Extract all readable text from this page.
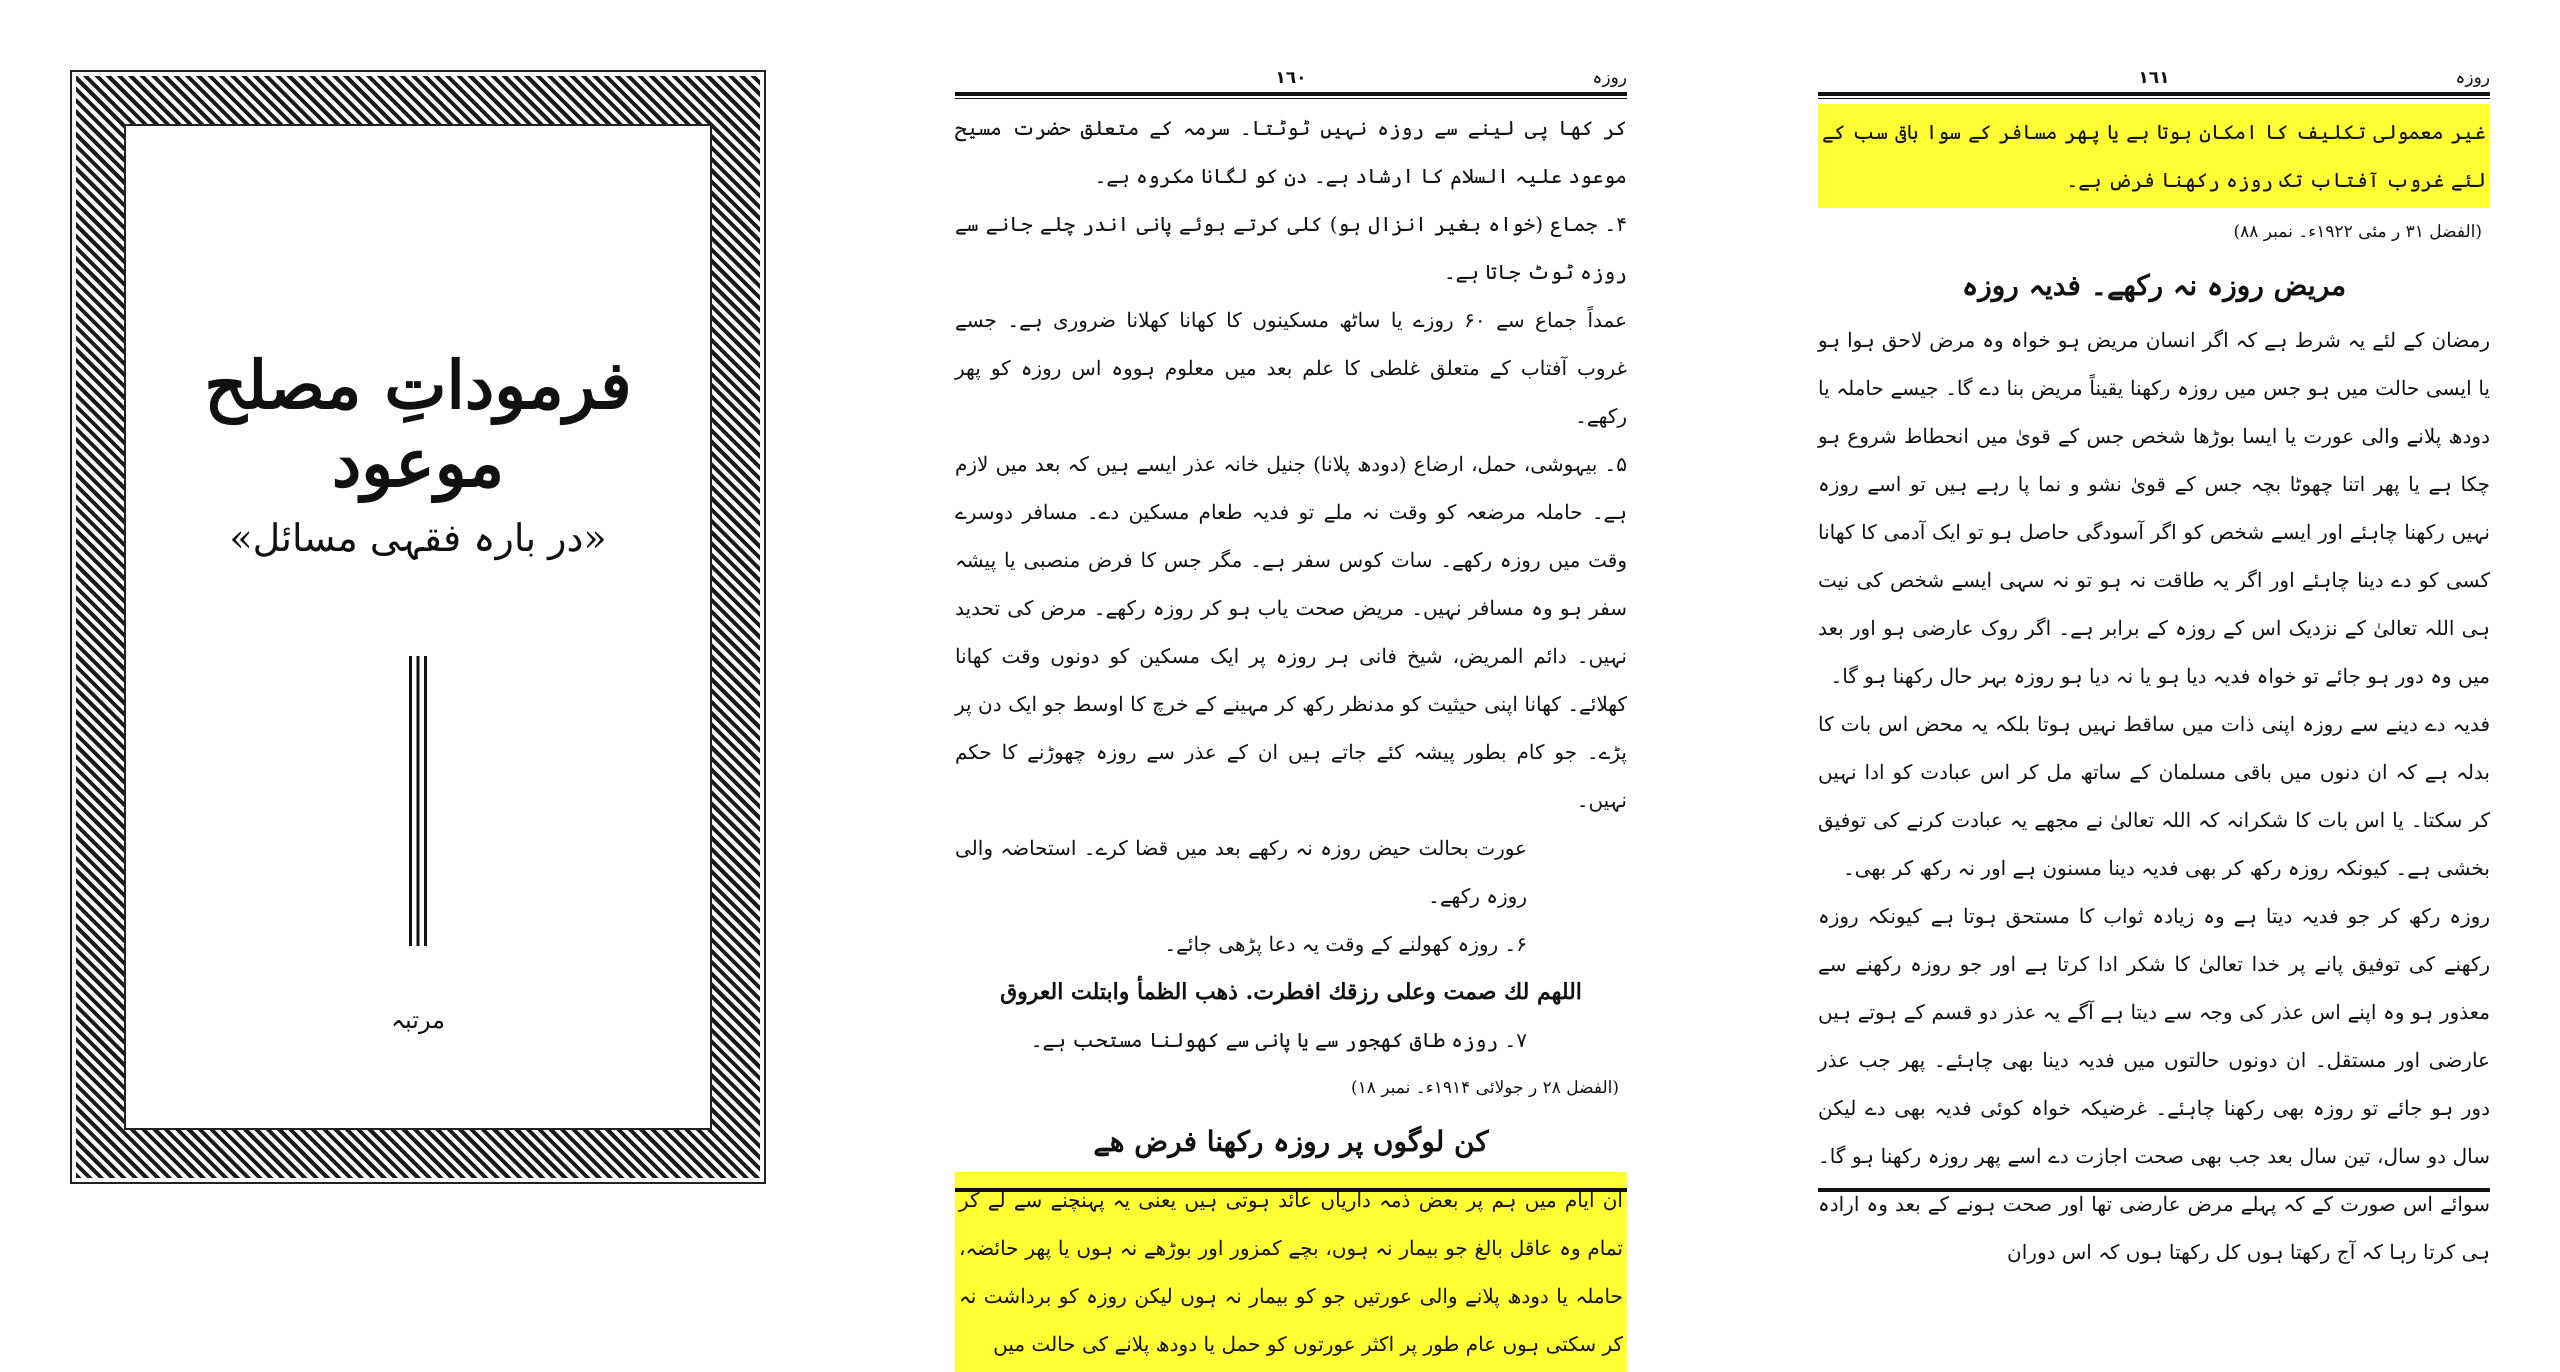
فرموداتِ مصلح موعود
«در بارہ فقہی مسائل»
مرتبہ
روزہ
١٦٠

کر کھا پی لینے سے روزہ نہیں ٹوٹتا۔ سرمہ کے متعلق حضرت مسیح موعود علیہ السلام کا ارشاد ہے۔ دن کو لگانا مکروہ ہے۔

۴۔ جماع (خواہ بغیر انزال ہو) کلی کرتے ہوئے پانی اندر چلے جانے سے روزہ ٹوٹ جاتا ہے۔

عمداً جماع سے ۶۰ روزے یا ساٹھ مسکینوں کا کھانا کھلانا ضروری ہے۔ جسے غروب آفتاب کے متعلق غلطی کا علم بعد میں معلوم ہووہ اس روزہ کو پھر رکھے۔

۵۔ بیہوشی، حمل، ارضاع (دودھ پلانا) جنیل خانہ عذر ایسے ہیں کہ بعد میں لازم ہے۔ حاملہ مرضعہ کو وقت نہ ملے تو فدیہ طعام مسکین دے۔ مسافر دوسرے وقت میں روزہ رکھے۔ سات کوس سفر ہے۔ مگر جس کا فرض منصبی یا پیشہ سفر ہو وہ مسافر نہیں۔ مریض صحت یاب ہو کر روزہ رکھے۔ مرض کی تحدید نہیں۔ دائم المریض، شیخ فانی ہر روزہ پر ایک مسکین کو دونوں وقت کھانا کھلائے۔ کھانا اپنی حیثیت کو مدنظر رکھ کر مہینے کے خرچ کا اوسط جو ایک دن پر پڑے۔ جو کام بطور پیشہ کئے جاتے ہیں ان کے عذر سے روزہ چھوڑنے کا حکم نہیں۔

عورت بحالت حیض روزہ نہ رکھے بعد میں قضا کرے۔ استحاضہ والی روزہ رکھے۔

۶۔ روزہ کھولنے کے وقت یہ دعا پڑھی جائے۔

اللهم لك صمت وعلى رزقك افطرت. ذهب الظمأ وابتلت العروق

۷۔ روزہ طاق کھجور سے یا پانی سے کھولنا مستحب ہے۔

(الفضل ۲۸ ر جولائی ۱۹۱۴ء۔ نمبر ۱۸)

کن لوگوں پر روزہ رکھنا فرض ھے

ان ایام میں ہم پر بعض ذمہ داریاں عائد ہوتی ہیں یعنی یہ پہنچنے سے لے کر تمام وہ عاقل بالغ جو بیمار نہ ہوں، بچے کمزور اور بوڑھے نہ ہوں یا پھر حائضہ، حاملہ یا دودھ پلانے والی عورتیں جو کو بیمار نہ ہوں لیکن روزہ کو برداشت نہ کر سکتی ہوں عام طور پر اکثر عورتوں کو حمل یا دودھ پلانے کی حالت میں

روزہ
١٦١

غیر معمولی تکلیف کا امکان ہوتا ہے یا پھر مسافر کے سوا باقی سب کے لئے غروب آفتاب تک روزہ رکھنا فرض ہے۔

(الفضل ۳۱ ر مئی ۱۹۲۲ء۔ نمبر ۸۸)

مریض روزہ نہ رکھے۔ فدیہ روزہ

رمضان کے لئے یہ شرط ہے کہ اگر انسان مریض ہو خواہ وہ مرض لاحق ہوا ہو یا ایسی حالت میں ہو جس میں روزہ رکھنا یقیناً مریض بنا دے گا۔ جیسے حاملہ یا دودھ پلانے والی عورت یا ایسا بوڑھا شخص جس کے قویٰ میں انحطاط شروع ہو چکا ہے یا پھر اتنا چھوٹا بچہ جس کے قویٰ نشو و نما پا رہے ہیں تو اسے روزہ نہیں رکھنا چاہئے اور ایسے شخص کو اگر آسودگی حاصل ہو تو ایک آدمی کا کھانا کسی کو دے دینا چاہئے اور اگر یہ طاقت نہ ہو تو نہ سہی ایسے شخص کی نیت ہی اللہ تعالیٰ کے نزدیک اس کے روزہ کے برابر ہے۔ اگر روک عارضی ہو اور بعد میں وہ دور ہو جائے تو خواہ فدیہ دیا ہو یا نہ دیا ہو روزہ بہر حال رکھنا ہو گا۔

فدیہ دے دینے سے روزہ اپنی ذات میں ساقط نہیں ہوتا بلکہ یہ محض اس بات کا بدلہ ہے کہ ان دنوں میں باقی مسلمان کے ساتھ مل کر اس عبادت کو ادا نہیں کر سکتا۔ یا اس بات کا شکرانہ کہ اللہ تعالیٰ نے مجھے یہ عبادت کرنے کی توفیق بخشی ہے۔ کیونکہ روزہ رکھ کر بھی فدیہ دینا مسنون ہے اور نہ رکھ کر بھی۔

روزہ رکھ کر جو فدیہ دیتا ہے وہ زیادہ ثواب کا مستحق ہوتا ہے کیونکہ روزہ رکھنے کی توفیق پانے پر خدا تعالیٰ کا شکر ادا کرتا ہے اور جو روزہ رکھنے سے معذور ہو وہ اپنے اس عذر کی وجہ سے دیتا ہے آگے یہ عذر دو قسم کے ہوتے ہیں عارضی اور مستقل۔ ان دونوں حالتوں میں فدیہ دینا بھی چاہئے۔ پھر جب عذر دور ہو جائے تو روزہ بھی رکھنا چاہئے۔ غرضیکہ خواہ کوئی فدیہ بھی دے لیکن سال دو سال، تین سال بعد جب بھی صحت اجازت دے اسے پھر روزہ رکھنا ہو گا۔ سوائے اس صورت کے کہ پہلے مرض عارضی تھا اور صحت ہونے کے بعد وہ ارادہ ہی کرتا رہا کہ آج رکھتا ہوں کل رکھتا ہوں کہ اس دوران
